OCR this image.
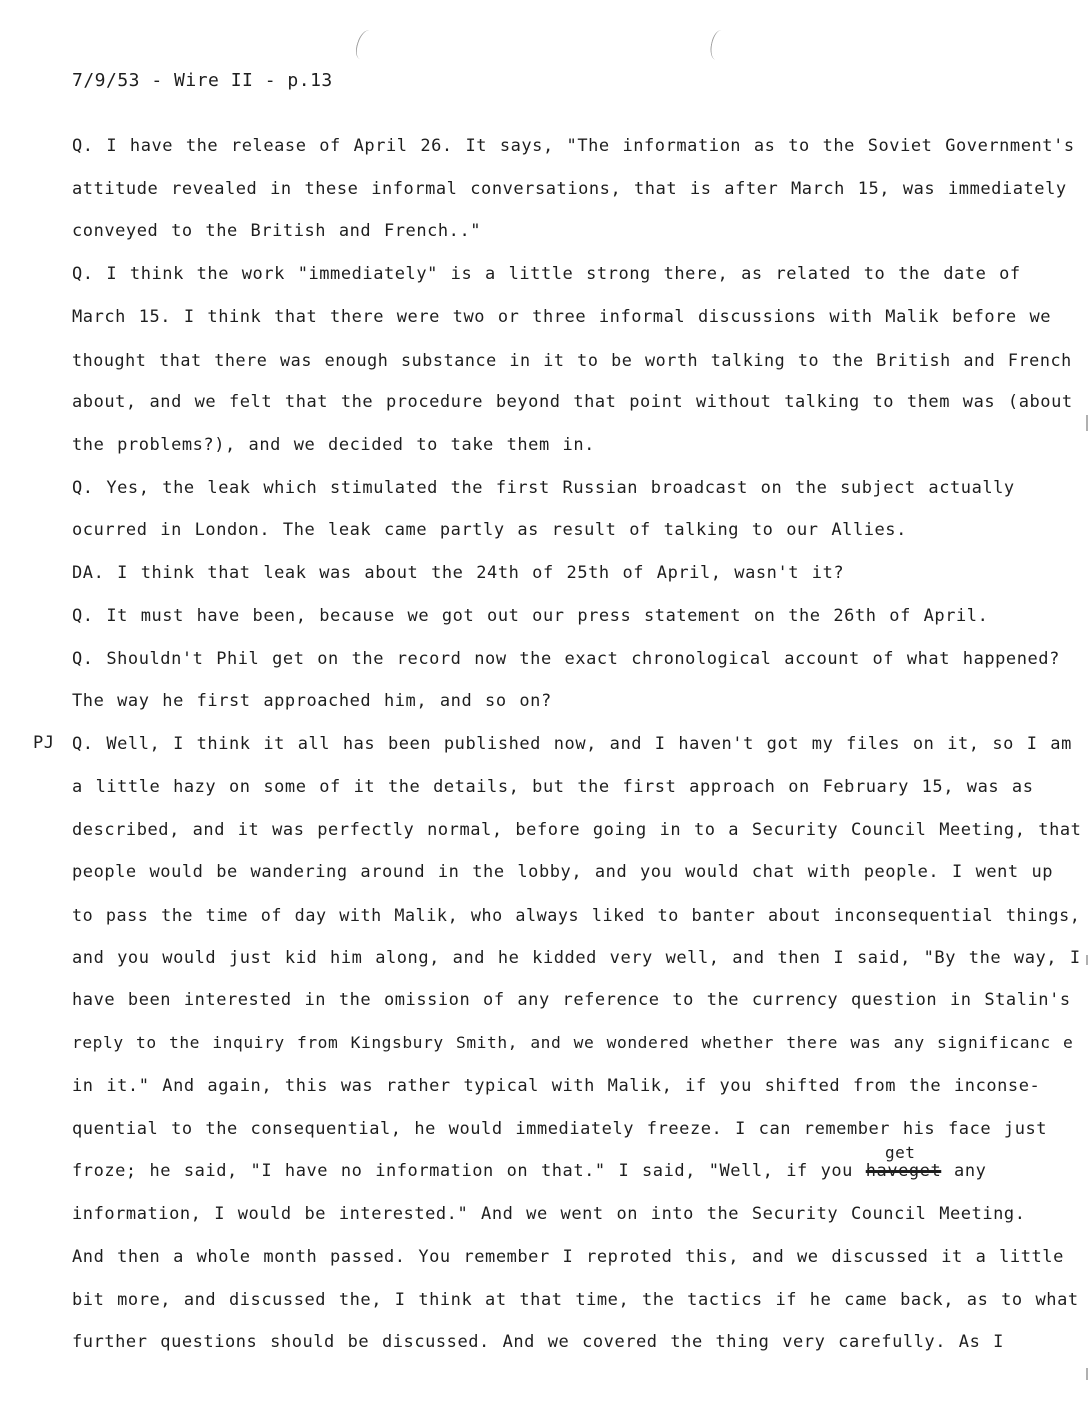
7/9/53 - Wire II - p.13
PJ
get
Q. I have the release of April 26. It says, "The information as to the Soviet Government's
attitude revealed in these informal conversations, that is after March 15, was immediately
conveyed to the British and French.."
Q. I think the work "immediately" is a little strong there, as related to the date of
March 15. I think that there were two or three informal discussions with Malik before we
thought that there was enough substance in it to be worth talking to the British and French
about, and we felt that the procedure beyond that point without talking to them was (about
the problems?), and we decided to take them in.
Q. Yes, the leak which stimulated the first Russian broadcast on the subject actually
ocurred in London. The leak came partly as result of talking to our Allies.
DA. I think that leak was about the 24th of 25th of April, wasn't it?
Q. It must have been, because we got out our press statement on the 26th of April.
Q. Shouldn't Phil get on the record now the exact chronological account of what happened?
The way he first approached him, and so on?
Q. Well, I think it all has been published now, and I haven't got my files on it, so I am
a little hazy on some of it the details, but the first approach on February 15, was as
described, and it was perfectly normal, before going in to a Security Council Meeting, that
people would be wandering around in the lobby, and you would chat with people. I went up
to pass the time of day with Malik, who always liked to banter about inconsequential things,
and you would just kid him along, and he kidded very well, and then I said, "By the way, I
have been interested in the omission of any reference to the currency question in Stalin's
reply to the inquiry from Kingsbury Smith, and we wondered whether there was any significanc e
in it." And again, this was rather typical with Malik, if you shifted from the inconse-
quential to the consequential, he would immediately freeze. I can remember his face just
froze; he said, "I have no information on that." I said, "Well, if you haveget any
information, I would be interested." And we went on into the Security Council Meeting.
And then a whole month passed. You remember I reproted this, and we discussed it a little
bit more, and discussed the, I think at that time, the tactics if he came back, as to what
further questions should be discussed. And we covered the thing very carefully. As I
